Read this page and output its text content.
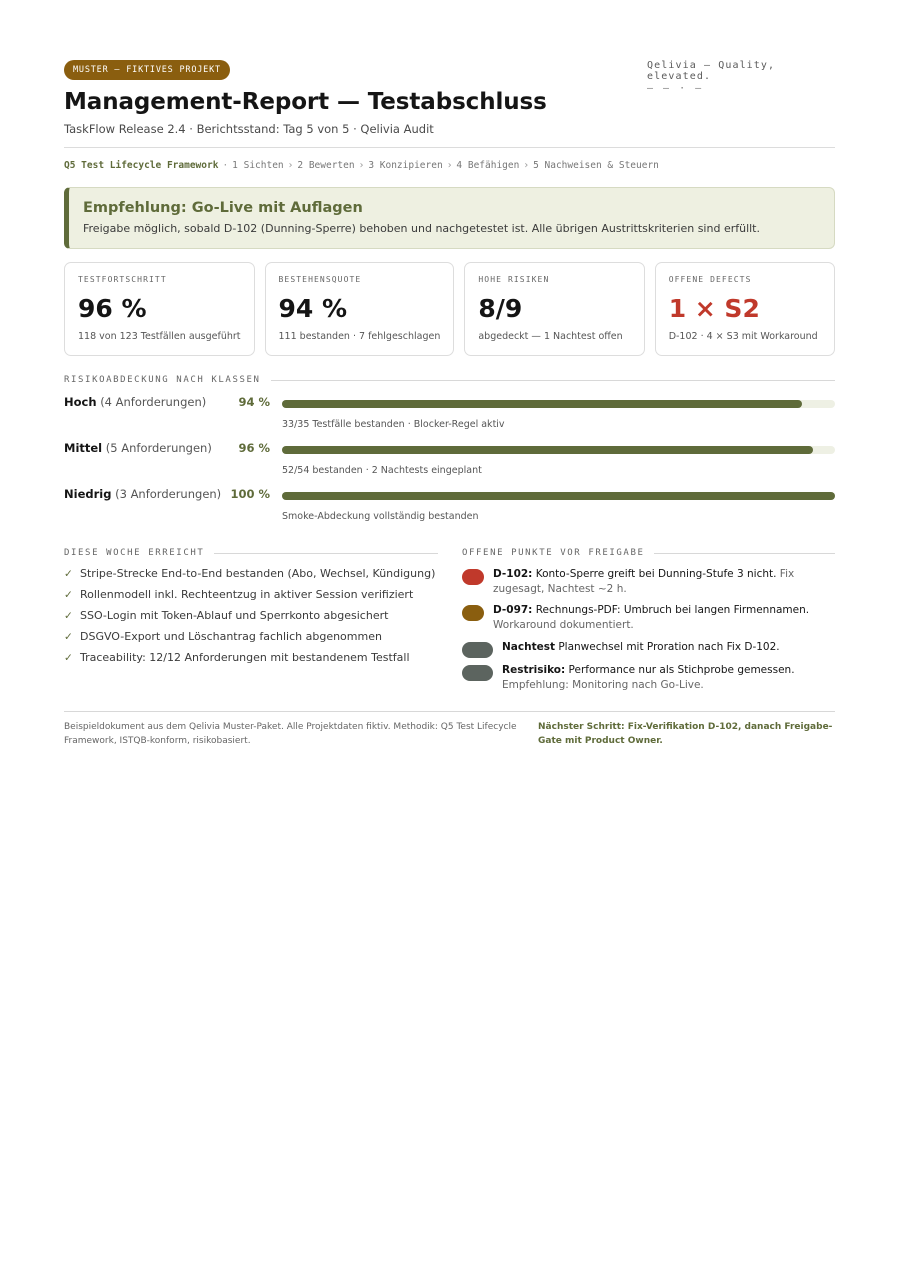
MUSTER – FIKTIVES PROJEKT	Qelivia — Quality, elevated.
— — · —
Management-Report — Testabschluss
TaskFlow Release 2.4 · Berichtsstand: Tag 5 von 5 · Qelivia Audit
Q5 Test Lifecycle Framework · 1 Sichten › 2 Bewerten › 3 Konzipieren › 4 Befähigen › 5 Nachweisen & Steuern
Empfehlung: Go-Live mit Auflagen
Freigabe möglich, sobald D-102 (Dunning-Sperre) behoben und nachgetestet ist. Alle übrigen Austrittskriterien sind erfüllt.
TESTFORTSCHRITT
96 %
118 von 123 Testfällen ausgeführt
BESTEHENSQUOTE
94 %
111 bestanden · 7 fehlgeschlagen
HOHE RISIKEN
8/9
abgedeckt — 1 Nachtest offen
OFFENE DEFECTS
1 × S2
D-102 · 4 × S3 mit Workaround
RISIKOABDECKUNG NACH KLASSEN
Hoch (4 Anforderungen)	94 %
33/35 Testfälle bestanden · Blocker-Regel aktiv
Mittel (5 Anforderungen)	96 %
52/54 bestanden · 2 Nachtests eingeplant
Niedrig (3 Anforderungen) 100 %
Smoke-Abdeckung vollständig bestanden
DIESE WOCHE ERREICHT
✓ Stripe-Strecke End-to-End bestanden (Abo, Wechsel, Kündigung)
✓ Rollenmodell inkl. Rechteentzug in aktiver Session verifiziert
✓ SSO-Login mit Token-Ablauf und Sperrkonto abgesichert
✓ DSGVO-Export und Löschantrag fachlich abgenommen
✓ Traceability: 12/12 Anforderungen mit bestandenem Testfall
OFFENE PUNKTE VOR FREIGABE
D-102: Konto-Sperre greift bei Dunning-Stufe 3 nicht. Fix zugesagt, Nachtest ~2 h.
D-097: Rechnungs-PDF: Umbruch bei langen Firmennamen. Workaround dokumentiert.
Nachtest Planwechsel mit Proration nach Fix D-102.
Restrisiko: Performance nur als Stichprobe gemessen. Empfehlung: Monitoring nach Go-Live.
Beispieldokument aus dem Qelivia Muster-Paket. Alle Projektdaten fiktiv. Methodik: Q5 Test Lifecycle Framework, ISTQB-konform, risikobasiert.
Nächster Schritt: Fix-Verifikation D-102, danach Freigabe-Gate mit Product Owner.
